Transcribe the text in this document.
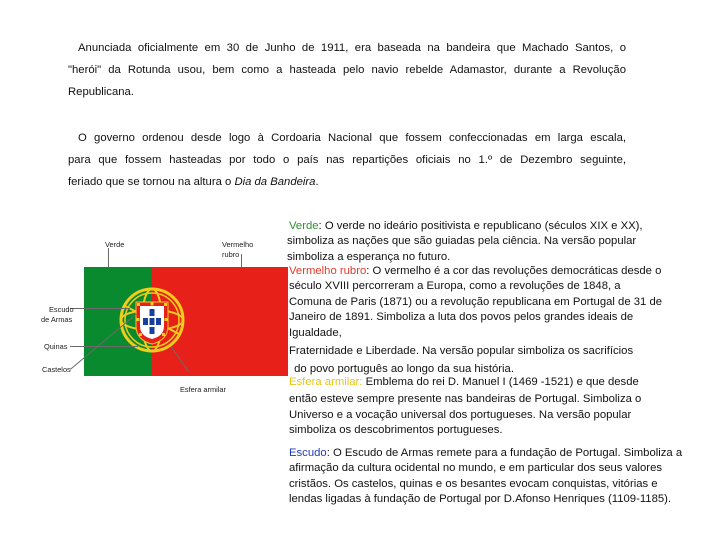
Anunciada oficialmente em 30 de Junho de 1911, era baseada na bandeira que Machado Santos, o

"herói" da Rotunda usou, bem como a hasteada pelo navio rebelde Adamastor, durante a Revolução

Republicana.

O governo ordenou desde logo à Cordoaria Nacional que fossem confeccionadas em larga escala,

para que fossem hasteadas por todo o país nas repartições oficiais no 1.º de Dezembro seguinte,

feriado que se tornou na altura o Dia da Bandeira.

Verde	Vermelho
rubro
Escudo
de Armas
Quinas
Castelos
Esfera armilar

Verde: O verde no ideário positivista e republicano (séculos XIX e XX),

simboliza as nações que são guiadas pela ciência. Na versão popular

simboliza a esperança no futuro.

Vermelho rubro: O vermelho é a cor das revoluções democráticas desde o

século XVIII percorreram a Europa, como a revoluções de 1848, a

Comuna de Paris (1871) ou a revolução republicana em Portugal de 31 de

Janeiro de 1891. Simboliza a luta dos povos pelos grandes ideais de

Igualdade,

Fraternidade e Liberdade. Na versão popular simboliza os sacrifícios

do povo português ao longo da sua história.

Esfera armilar: Emblema do rei D. Manuel I (1469 -1521) e que desde

então esteve sempre presente nas bandeiras de Portugal. Simboliza o

Universo e a vocação universal dos portugueses. Na versão popular

simboliza os descobrimentos portugueses.

Escudo: O Escudo de Armas remete para a fundação de Portugal. Simboliza a

afirmação da cultura ocidental no mundo, e em particular dos seus valores

cristãos. Os castelos, quinas e os besantes evocam conquistas, vitórias e

lendas ligadas à fundação de Portugal por D.Afonso Henriques (1109-1185).
